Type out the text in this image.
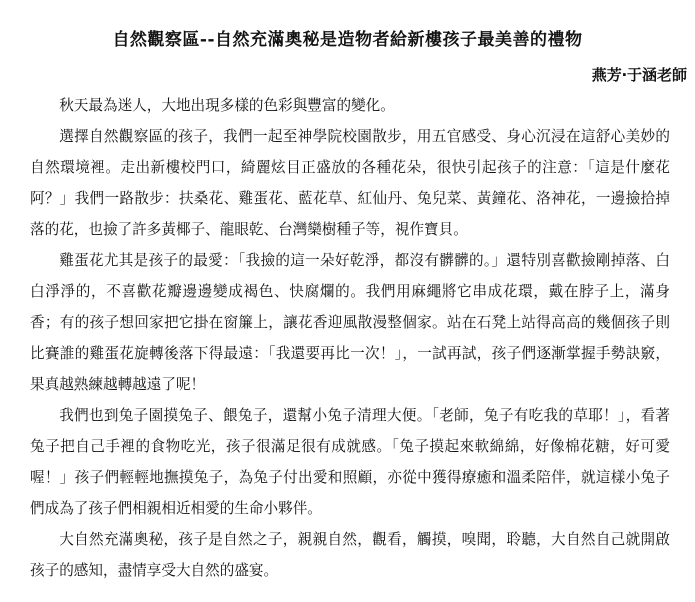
自然觀察區--自然充滿奧秘是造物者給新樓孩子最美善的禮物
燕芳‧于涵老師

秋天最為迷人，大地出現多樣的色彩與豐富的變化。

選擇自然觀察區的孩子，我們一起至神學院校園散步，用五官感受、身心沉浸在這舒心美妙的自然環境裡。走出新樓校門口，綺麗炫目正盛放的各種花朵，很快引起孩子的注意：「這是什麼花阿？」我們一路散步：扶桑花、雞蛋花、藍花草、紅仙丹、兔兒菜、黃鐘花、洛神花，一邊撿拾掉落的花，也撿了許多黃椰子、龍眼乾、台灣欒樹種子等，視作寶貝。

雞蛋花尤其是孩子的最愛：「我撿的這一朵好乾淨，都沒有髒髒的。」還特別喜歡撿剛掉落、白白淨淨的，不喜歡花瓣邊邊變成褐色、快腐爛的。我們用麻繩將它串成花環，戴在脖子上，滿身香；有的孩子想回家把它掛在窗簾上，讓花香迎風散漫整個家。站在石凳上站得高高的幾個孩子則比賽誰的雞蛋花旋轉後落下得最遠：「我還要再比一次！」，一試再試，孩子們逐漸掌握手勢訣竅，果真越熟練越轉越遠了呢！

我們也到兔子園摸兔子、餵兔子，還幫小兔子清理大便。「老師，兔子有吃我的草耶！」，看著兔子把自己手裡的食物吃光，孩子很滿足很有成就感。「兔子摸起來軟綿綿，好像棉花糖，好可愛喔！」孩子們輕輕地撫摸兔子，為兔子付出愛和照顧，亦從中獲得療癒和溫柔陪伴，就這樣小兔子們成為了孩子們相親相近相愛的生命小夥伴。

大自然充滿奧秘，孩子是自然之子，親親自然，觀看，觸摸，嗅聞，聆聽，大自然自己就開啟孩子的感知，盡情享受大自然的盛宴。
